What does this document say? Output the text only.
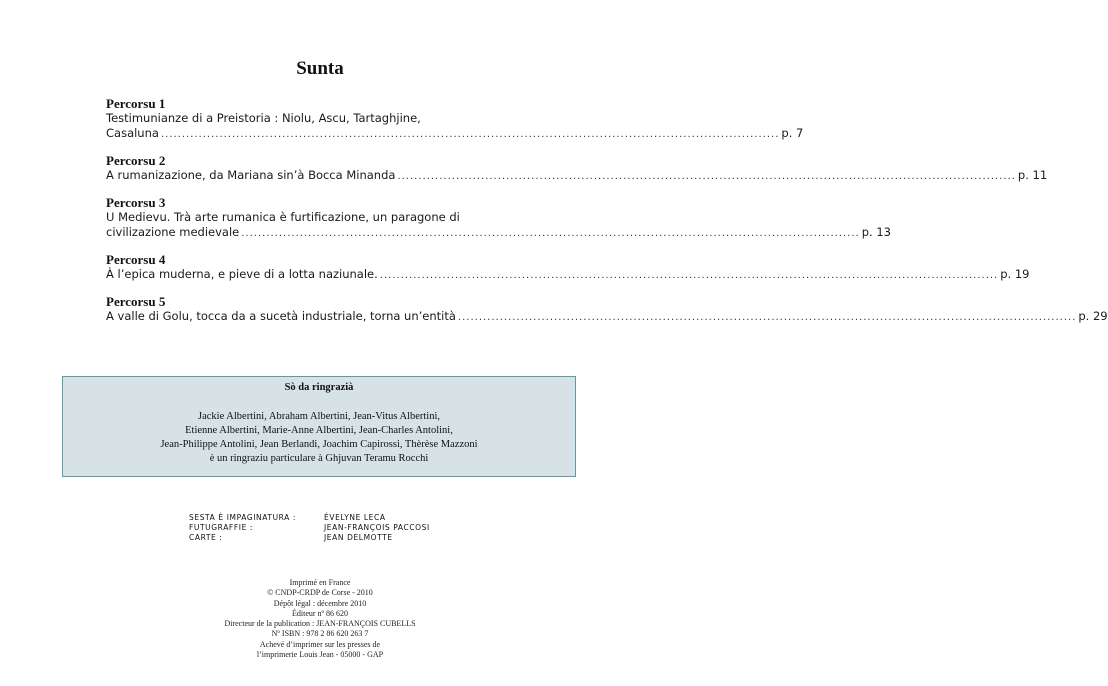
Sunta
Percorsu 1
Testimunianze di a Preistoria : Niolu, Ascu, Tartaghjine,
Casaluna .................................................................................................................................................... p. 7
Percorsu 2
A rumanizazione, da Mariana sin’à Bocca Minanda .................................................................................................................................................... p. 11
Percorsu 3
U Medievu. Trà arte rumanica è furtificazione, un paragone di
civilizazione medievale .................................................................................................................................................... p. 13
Percorsu 4
À l’epica muderna, e pieve di a lotta naziunale. .................................................................................................................................................... p. 19
Percorsu 5
A valle di Golu, tocca da a sucetà industriale, torna un’entità .................................................................................................................................................... p. 29
Sò da ringrazià
Jackie Albertini, Abraham Albertini, Jean-Vitus Albertini,
Etienne Albertini, Marie-Anne Albertini, Jean-Charles Antolini,
Jean-Philippe Antolini, Jean Berlandi, Joachim Capirossi, Thèrèse Mazzoni
è un ringraziu particulare à Ghjuvan Teramu Rocchi
SESTA È IMPAGINATURA :	ÉVELYNE LECA
FUTUGRAFFIE :	JEAN-FRANÇOIS PACCOSI
CARTE :	JEAN DELMOTTE
Imprimé en France
© CNDP-CRDP de Corse - 2010
Dépôt légal : décembre 2010
Éditeur nº 86 620
Directeur de la publication : JEAN-FRANÇOIS CUBELLS
Nº ISBN : 978 2 86 620 263 7
Achevé d’imprimer sur les presses de
l’imprimerie Louis Jean - 05000 - GAP
